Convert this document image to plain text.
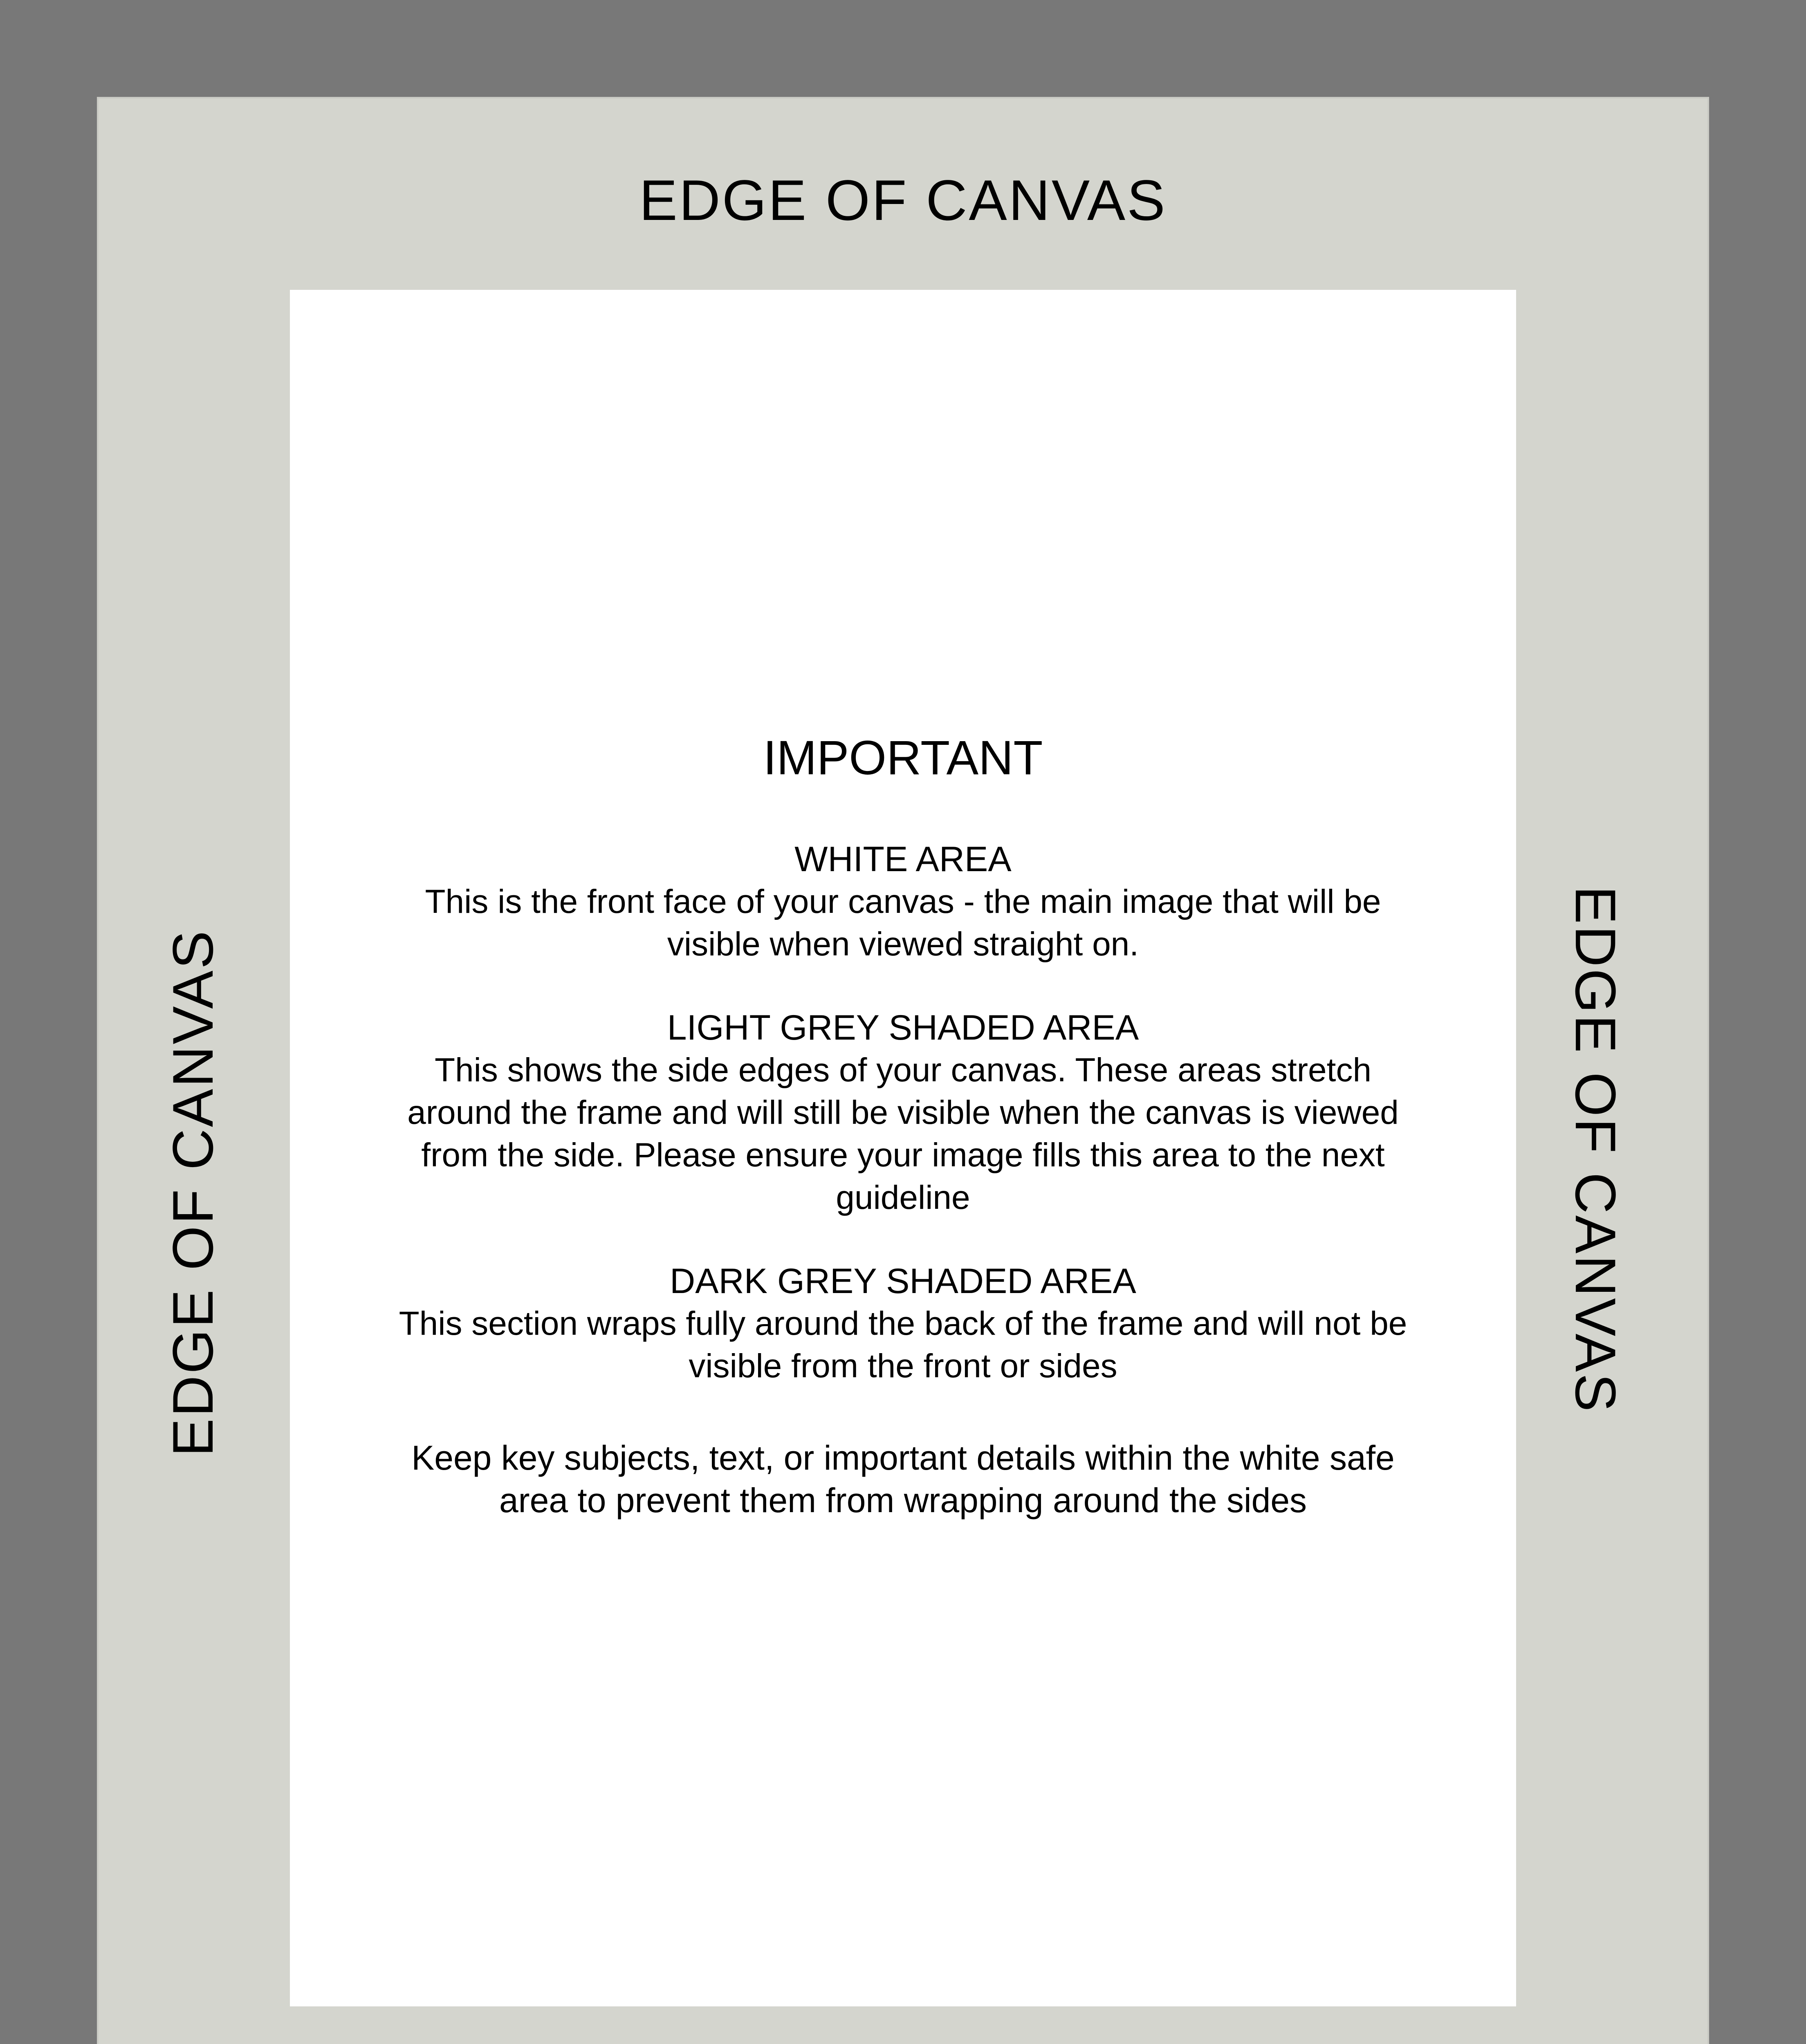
EDGE OF CANVAS
EDGE OF CANVAS	EDGE OF CANVAS
IMPORTANT
WHITE AREA
This is the front face of your canvas - the main image that will be visible when viewed straight on.
LIGHT GREY SHADED AREA
This shows the side edges of your canvas. These areas stretch around the frame and will still be visible when the canvas is viewed from the side. Please ensure your image fills this area to the next guideline
DARK GREY SHADED AREA
This section wraps fully around the back of the frame and will not be visible from the front or sides
Keep key subjects, text, or important details within the white safe area to prevent them from wrapping around the sides
